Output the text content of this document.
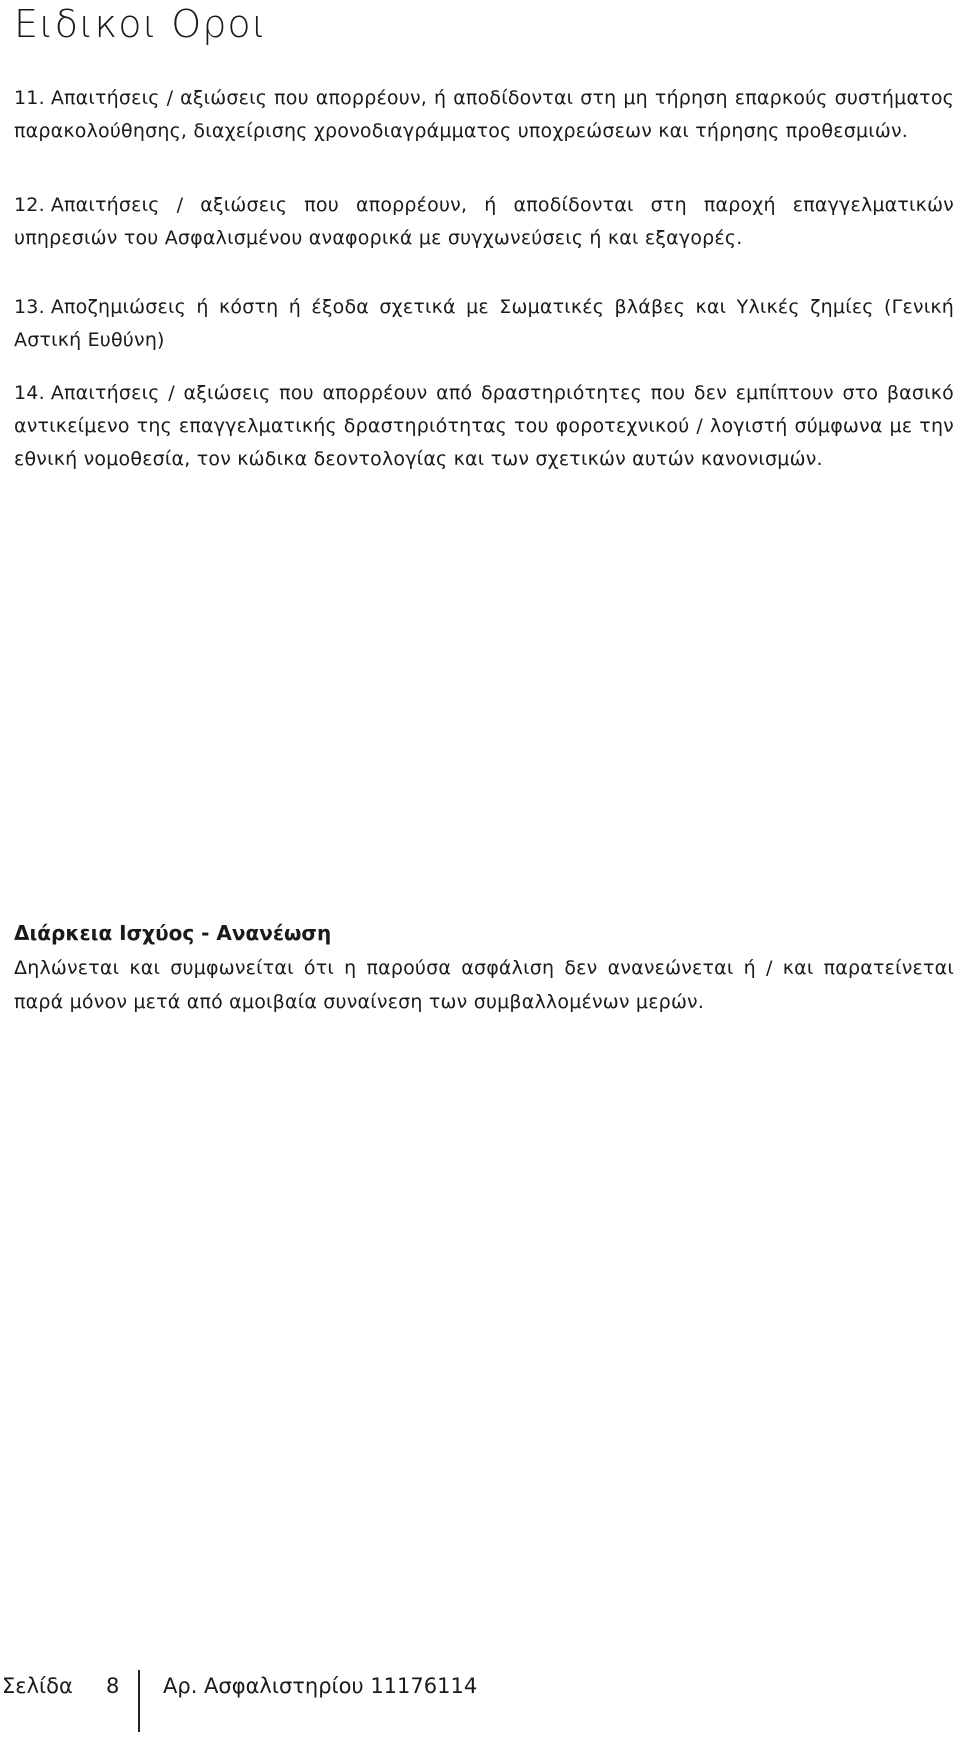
Ειδικοι Οροι
11. Απαιτήσεις / αξιώσεις που απορρέουν, ή αποδίδονται στη μη τήρηση επαρκούς συστήματος παρακολούθησης, διαχείρισης χρονοδιαγράμματος υποχρεώσεων και τήρησης προθεσμιών.
12. Απαιτήσεις / αξιώσεις που απορρέουν, ή αποδίδονται στη παροχή επαγγελματικών υπηρεσιών του Ασφαλισμένου αναφορικά με συγχωνεύσεις ή και εξαγορές.
13. Αποζημιώσεις ή κόστη ή έξοδα σχετικά με Σωματικές βλάβες και Υλικές ζημίες (Γενική Αστική Ευθύνη)
14. Απαιτήσεις / αξιώσεις που απορρέουν από δραστηριότητες που δεν εμπίπτουν στο βασικό αντικείμενο της επαγγελματικής δραστηριότητας του φοροτεχνικού / λογιστή σύμφωνα με την εθνική νομοθεσία, τον κώδικα δεοντολογίας και των σχετικών αυτών κανονισμών.
Διάρκεια Ισχύος - Ανανέωση
Δηλώνεται και συμφωνείται ότι η παρούσα ασφάλιση δεν ανανεώνεται ή / και παρατείνεται παρά μόνον μετά από αμοιβαία συναίνεση των συμβαλλομένων μερών.
Σελίδα 8 Αρ. Ασφαλιστηρίου 11176114
